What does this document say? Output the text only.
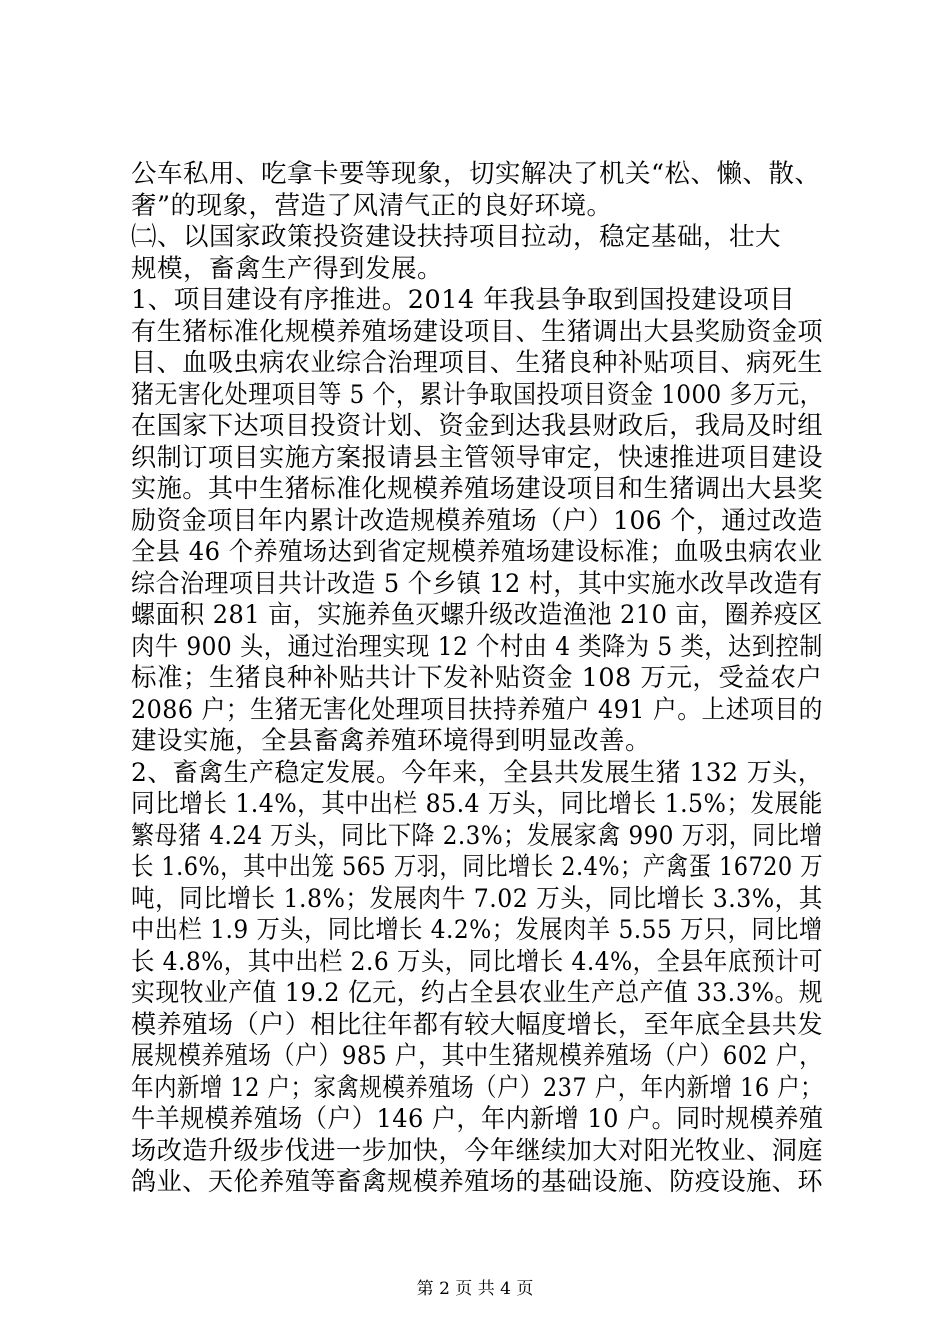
公车私用、吃拿卡要等现象，切实解决了机关“松、懒、散、
奢”的现象，营造了风清气正的良好环境。
㈡、以国家政策投资建设扶持项目拉动，稳定基础，壮大
规模，畜禽生产得到发展。
1、项目建设有序推进。2014 年我县争取到国投建设项目
有生猪标准化规模养殖场建设项目、生猪调出大县奖励资金项
目、血吸虫病农业综合治理项目、生猪良种补贴项目、病死生
猪无害化处理项目等 5 个，累计争取国投项目资金 1000 多万元，
在国家下达项目投资计划、资金到达我县财政后，我局及时组
织制订项目实施方案报请县主管领导审定，快速推进项目建设
实施。其中生猪标准化规模养殖场建设项目和生猪调出大县奖
励资金项目年内累计改造规模养殖场（户）106 个，通过改造
全县 46 个养殖场达到省定规模养殖场建设标准；血吸虫病农业
综合治理项目共计改造 5 个乡镇 12 村，其中实施水改旱改造有
螺面积 281 亩，实施养鱼灭螺升级改造渔池 210 亩，圈养疫区
肉牛 900 头，通过治理实现 12 个村由 4 类降为 5 类，达到控制
标准；生猪良种补贴共计下发补贴资金 108 万元，受益农户
2086 户；生猪无害化处理项目扶持养殖户 491 户。上述项目的
建设实施，全县畜禽养殖环境得到明显改善。
2、畜禽生产稳定发展。今年来，全县共发展生猪 132 万头，
同比增长 1.4%，其中出栏 85.4 万头，同比增长 1.5%；发展能
繁母猪 4.24 万头，同比下降 2.3%；发展家禽 990 万羽，同比增
长 1.6%，其中出笼 565 万羽，同比增长 2.4%；产禽蛋 16720 万
吨，同比增长 1.8%；发展肉牛 7.02 万头，同比增长 3.3%，其
中出栏 1.9 万头，同比增长 4.2%；发展肉羊 5.55 万只，同比增
长 4.8%，其中出栏 2.6 万头，同比增长 4.4%，全县年底预计可
实现牧业产值 19.2 亿元，约占全县农业生产总产值 33.3%。规
模养殖场（户）相比往年都有较大幅度增长，至年底全县共发
展规模养殖场（户）985 户，其中生猪规模养殖场（户）602 户，
年内新增 12 户；家禽规模养殖场（户）237 户，年内新增 16 户；
牛羊规模养殖场（户）146 户，年内新增 10 户。同时规模养殖
场改造升级步伐进一步加快，今年继续加大对阳光牧业、洞庭
鸽业、天伦养殖等畜禽规模养殖场的基础设施、防疫设施、环
第 2 页 共 4 页
